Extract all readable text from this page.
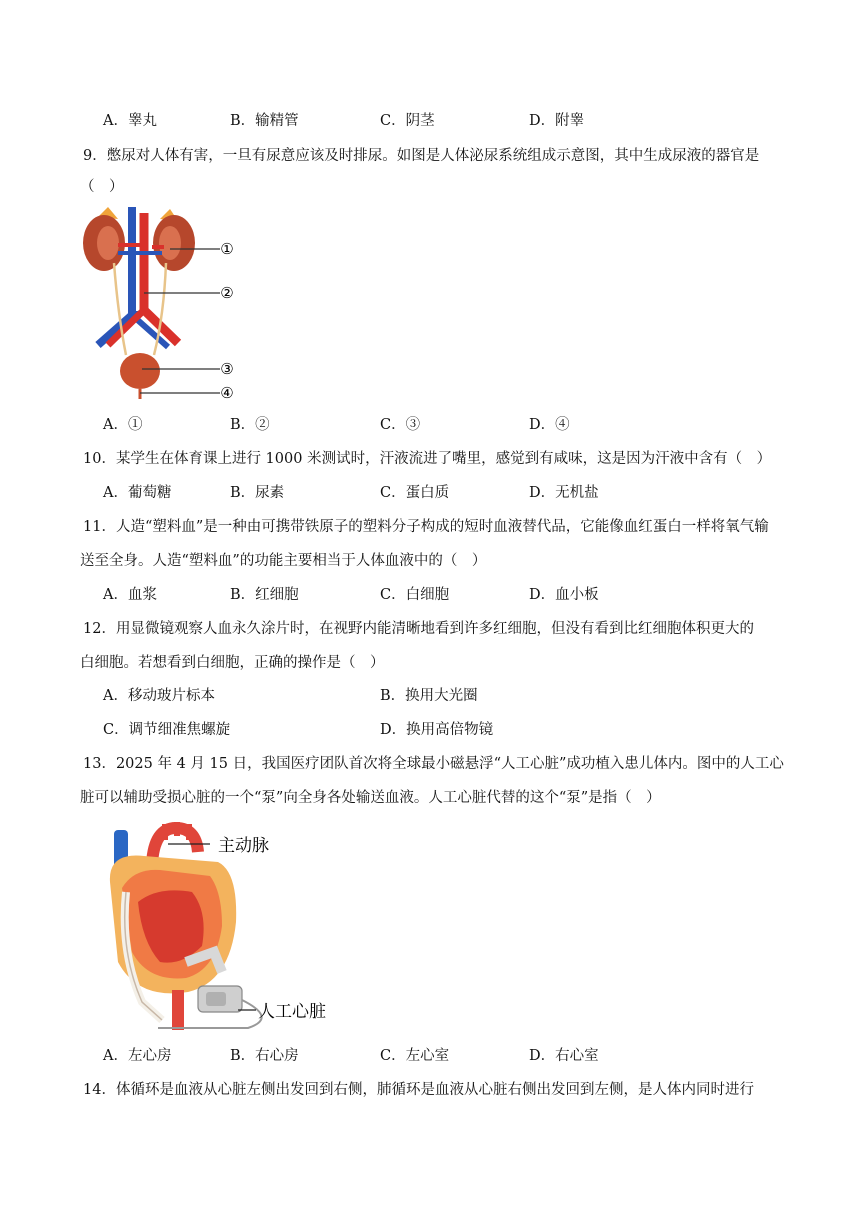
A．睾丸	B．输精管	C．阴茎	D．附睾
9．憋尿对人体有害，一旦有尿意应该及时排尿。如图是人体泌尿系统组成示意图，其中生成尿液的器官是
（　）
①
②
③
④
A．①	B．②	C．③	D．④
10．某学生在体育课上进行 1000 米测试时，汗液流进了嘴里，感觉到有咸味，这是因为汗液中含有（　）
A．葡萄糖	B．尿素	C．蛋白质	D．无机盐
11．人造“塑料血”是一种由可携带铁原子的塑料分子构成的短时血液替代品，它能像血红蛋白一样将氧气输
送至全身。人造“塑料血”的功能主要相当于人体血液中的（　）
A．血浆	B．红细胞	C．白细胞	D．血小板
12．用显微镜观察人血永久涂片时，在视野内能清晰地看到许多红细胞，但没有看到比红细胞体积更大的
白细胞。若想看到白细胞，正确的操作是（　）
A．移动玻片标本	B．换用大光圈
C．调节细准焦螺旋	D．换用高倍物镜
13．2025 年 4 月 15 日，我国医疗团队首次将全球最小磁悬浮“人工心脏”成功植入患儿体内。图中的人工心
脏可以辅助受损心脏的一个“泵”向全身各处输送血液。人工心脏代替的这个“泵”是指（　）
主动脉
人工心脏
A．左心房	B．右心房	C．左心室	D．右心室
14．体循环是血液从心脏左侧出发回到右侧，肺循环是血液从心脏右侧出发回到左侧，是人体内同时进行
